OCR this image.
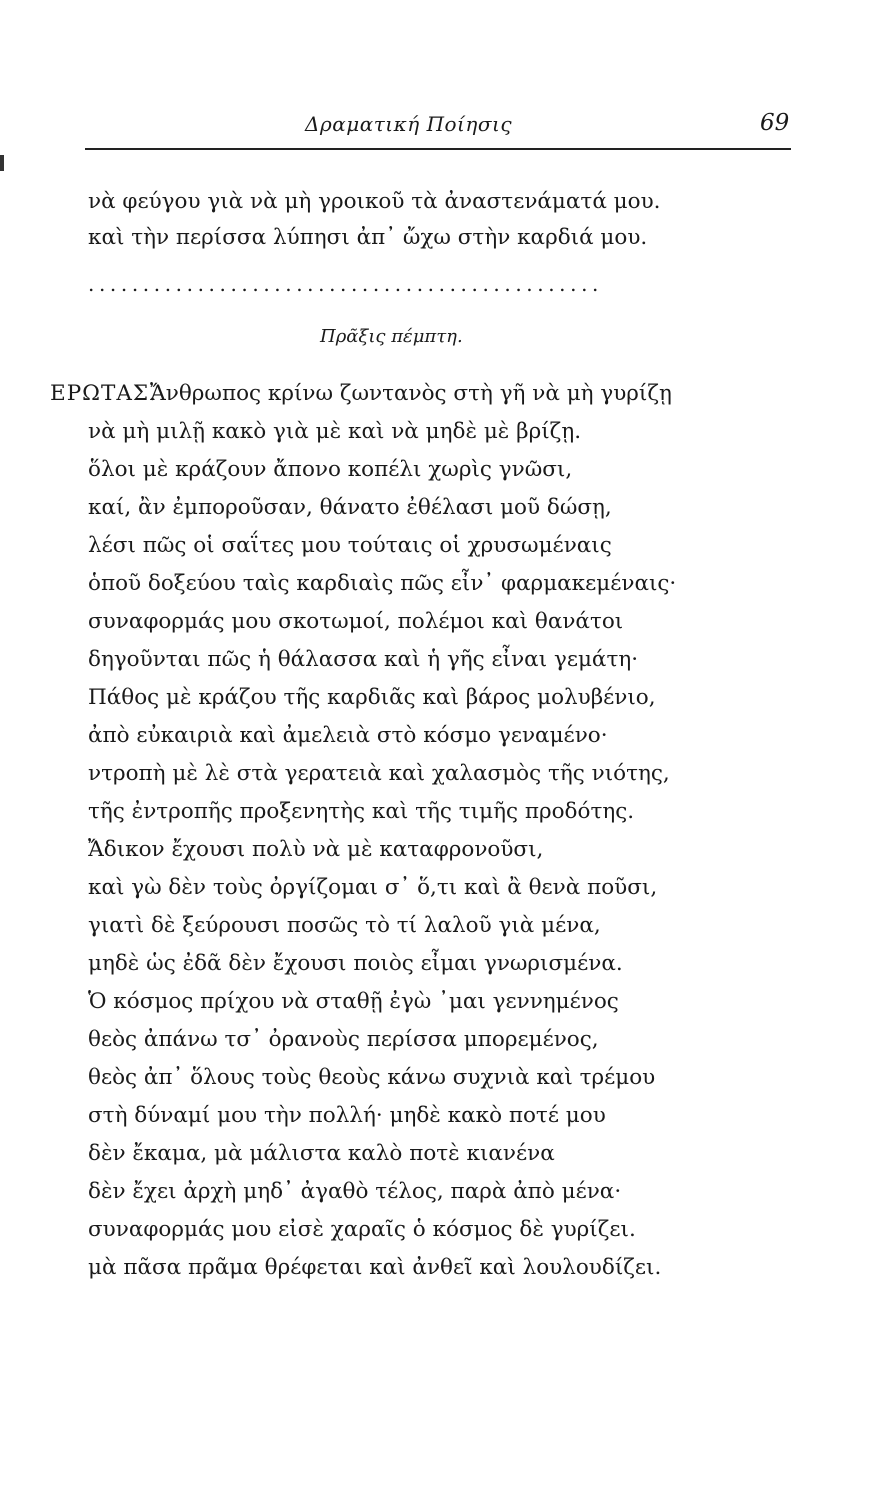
Δραματική Ποίησις	69
νὰ φεύγου γιὰ νὰ μὴ γροικοῦ τὰ ἀναστενάματά μου.
καὶ τὴν περίσσα λύπησι ἀπ᾽ ὤχω στὴν καρδιά μου.
...............................................
Πρᾶξις πέμπτη.
ΕΡΩΤΑΣ.
Ἄνθρωπος κρίνω ζωντανὸς στὴ γῆ νὰ μὴ γυρίζῃ
νὰ μὴ μιλῇ κακὸ γιὰ μὲ καὶ νὰ μηδὲ μὲ βρίζῃ.
ὅλοι μὲ κράζουν ἄπονο κοπέλι χωρὶς γνῶσι,
καί, ἂν ἐμποροῦσαν, θάνατο ἐθέλασι μοῦ δώσῃ,
λέσι πῶς οἱ σαΐτες μου τούταις οἱ χρυσωμέναις
ὁποῦ δοξεύου ταὶς καρδιαὶς πῶς εἶν᾽ φαρμακεμέναις·
συναφορμάς μου σκοτωμοί, πολέμοι καὶ θανάτοι
δηγοῦνται πῶς ἡ θάλασσα καὶ ἡ γῆς εἶναι γεμάτη·
Πάθος μὲ κράζου τῆς καρδιᾶς καὶ βάρος μολυβένιο,
ἀπὸ εὐκαιριὰ καὶ ἀμελειὰ στὸ κόσμο γεναμένο·
ντροπὴ μὲ λὲ στὰ γερατειὰ καὶ χαλασμὸς τῆς νιότης,
τῆς ἐντροπῆς προξενητὴς καὶ τῆς τιμῆς προδότης.
Ἄδικον ἔχουσι πολὺ νὰ μὲ καταφρονοῦσι,
καὶ γὼ δὲν τοὺς ὀργίζομαι σ᾽ ὅ,τι καὶ ἂ θενὰ ποῦσι,
γιατὶ δὲ ξεύρουσι ποσῶς τὸ τί λαλοῦ γιὰ μένα,
μηδὲ ὡς ἐδᾶ δὲν ἔχουσι ποιὸς εἶμαι γνωρισμένα.
Ὁ κόσμος πρίχου νὰ σταθῇ ἐγὼ ᾽μαι γεννημένος
θεὸς ἀπάνω τσ᾽ ὀρανοὺς περίσσα μπορεμένος,
θεὸς ἀπ᾽ ὅλους τοὺς θεοὺς κάνω συχνιὰ καὶ τρέμου
στὴ δύναμί μου τὴν πολλή· μηδὲ κακὸ ποτέ μου
δὲν ἔκαμα, μὰ μάλιστα καλὸ ποτὲ κιανένα
δὲν ἔχει ἀρχὴ μηδ᾽ ἀγαθὸ τέλος, παρὰ ἀπὸ μένα·
συναφορμάς μου εἰσὲ χαραῖς ὁ κόσμος δὲ γυρίζει.
μὰ πᾶσα πρᾶμα θρέφεται καὶ ἀνθεῖ καὶ λουλουδίζει.
